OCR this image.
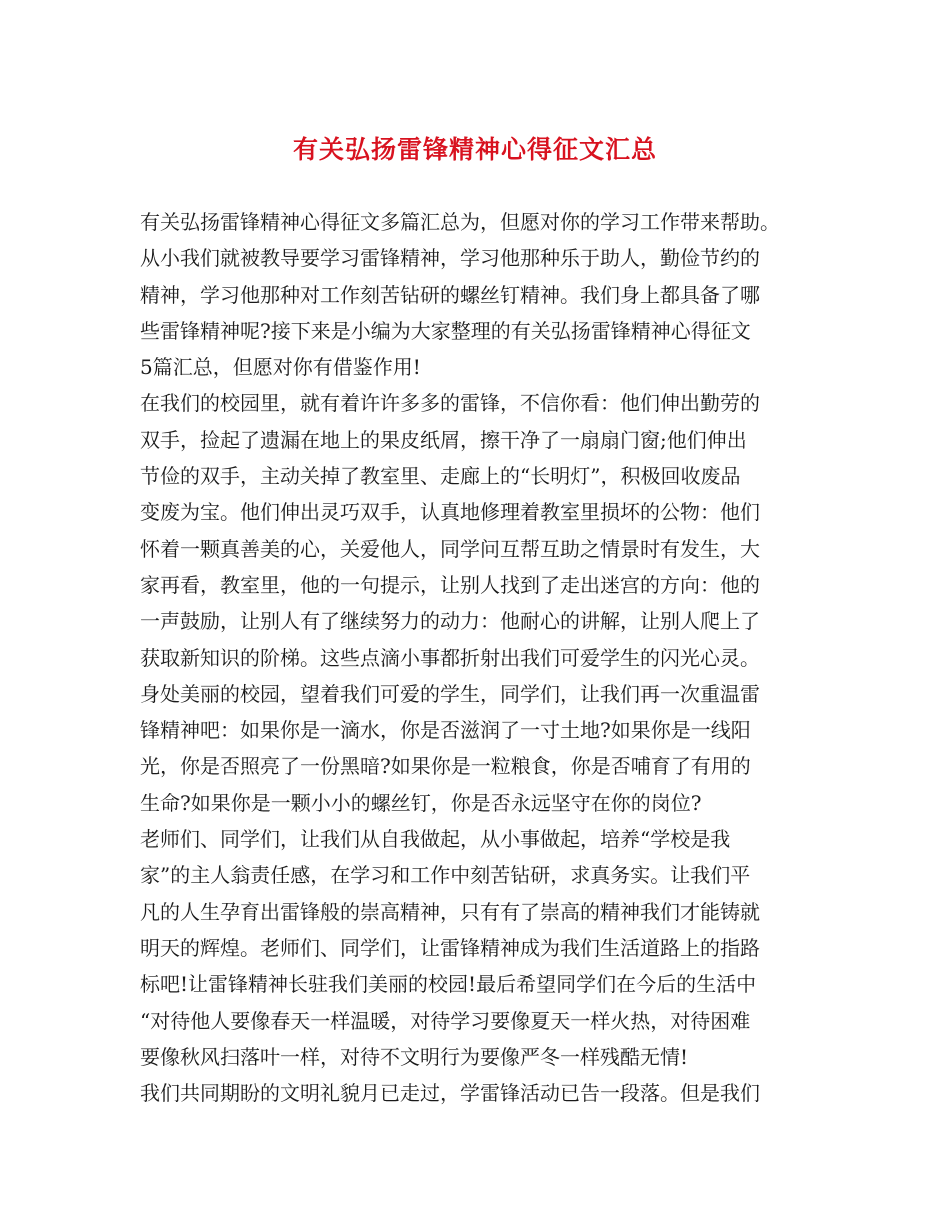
有关弘扬雷锋精神心得征文汇总
有关弘扬雷锋精神心得征文多篇汇总为，但愿对你的学习工作带来帮助。
从小我们就被教导要学习雷锋精神，学习他那种乐于助人，勤俭节约的
精神，学习他那种对工作刻苦钻研的螺丝钉精神。我们身上都具备了哪
些雷锋精神呢?接下来是小编为大家整理的有关弘扬雷锋精神心得征文
5篇汇总，但愿对你有借鉴作用!
在我们的校园里，就有着许许多多的雷锋，不信你看：他们伸出勤劳的
双手，捡起了遗漏在地上的果皮纸屑，擦干净了一扇扇门窗;他们伸出
节俭的双手，主动关掉了教室里、走廊上的“长明灯”，积极回收废品
变废为宝。他们伸出灵巧双手，认真地修理着教室里损坏的公物：他们
怀着一颗真善美的心，关爱他人，同学问互帮互助之情景时有发生，大
家再看，教室里，他的一句提示，让别人找到了走出迷宫的方向：他的
一声鼓励，让别人有了继续努力的动力：他耐心的讲解，让别人爬上了
获取新知识的阶梯。这些点滴小事都折射出我们可爱学生的闪光心灵。
身处美丽的校园，望着我们可爱的学生，同学们，让我们再一次重温雷
锋精神吧：如果你是一滴水，你是否滋润了一寸土地?如果你是一线阳
光，你是否照亮了一份黑暗?如果你是一粒粮食，你是否哺育了有用的
生命?如果你是一颗小小的螺丝钉，你是否永远坚守在你的岗位?
老师们、同学们，让我们从自我做起，从小事做起，培养“学校是我
家”的主人翁责任感，在学习和工作中刻苦钻研，求真务实。让我们平
凡的人生孕育出雷锋般的崇高精神，只有有了崇高的精神我们才能铸就
明天的辉煌。老师们、同学们，让雷锋精神成为我们生活道路上的指路
标吧!让雷锋精神长驻我们美丽的校园!最后希望同学们在今后的生活中
“对待他人要像春天一样温暖，对待学习要像夏天一样火热，对待困难
要像秋风扫落叶一样，对待不文明行为要像严冬一样残酷无情!
我们共同期盼的文明礼貌月已走过，学雷锋活动已告一段落。但是我们
